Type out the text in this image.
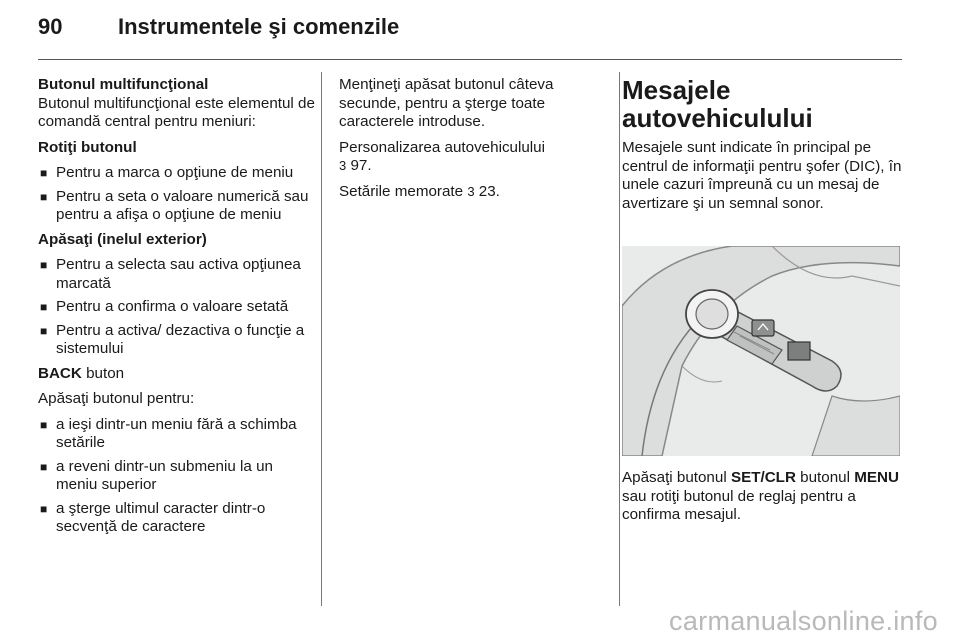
90	Instrumentele şi comenzile

Butonul multifuncţional

Butonul multifuncţional este elementul de comandă central pentru meniuri:

Rotiţi butonul

■ Pentru a marca o opţiune de meniu
■ Pentru a seta o valoare numerică sau pentru a afişa o opţiune de meniu

Apăsaţi (inelul exterior)

■ Pentru a selecta sau activa opţiunea marcată
■ Pentru a confirma o valoare setată
■ Pentru a activa/ dezactiva o funcţie a sistemului

BACK buton

Apăsaţi butonul pentru:

■ a ieşi dintr-un meniu fără a schimba setările
■ a reveni dintr-un submeniu la un meniu superior
■ a şterge ultimul caracter dintr-o secvenţă de caractere

Menţineţi apăsat butonul câteva secunde, pentru a şterge toate caracterele introduse.

Personalizarea autovehiculului
3 97.

Setările memorate 3 23.

Mesajele autovehiculului

Mesajele sunt indicate în principal pe centrul de informaţii pentru şofer (DIC), în unele cazuri împreună cu un mesaj de avertizare şi un semnal sonor.

Apăsaţi butonul SET/CLR butonul MENU sau rotiţi butonul de reglaj pentru a confirma mesajul.
carmanualsonline.info
